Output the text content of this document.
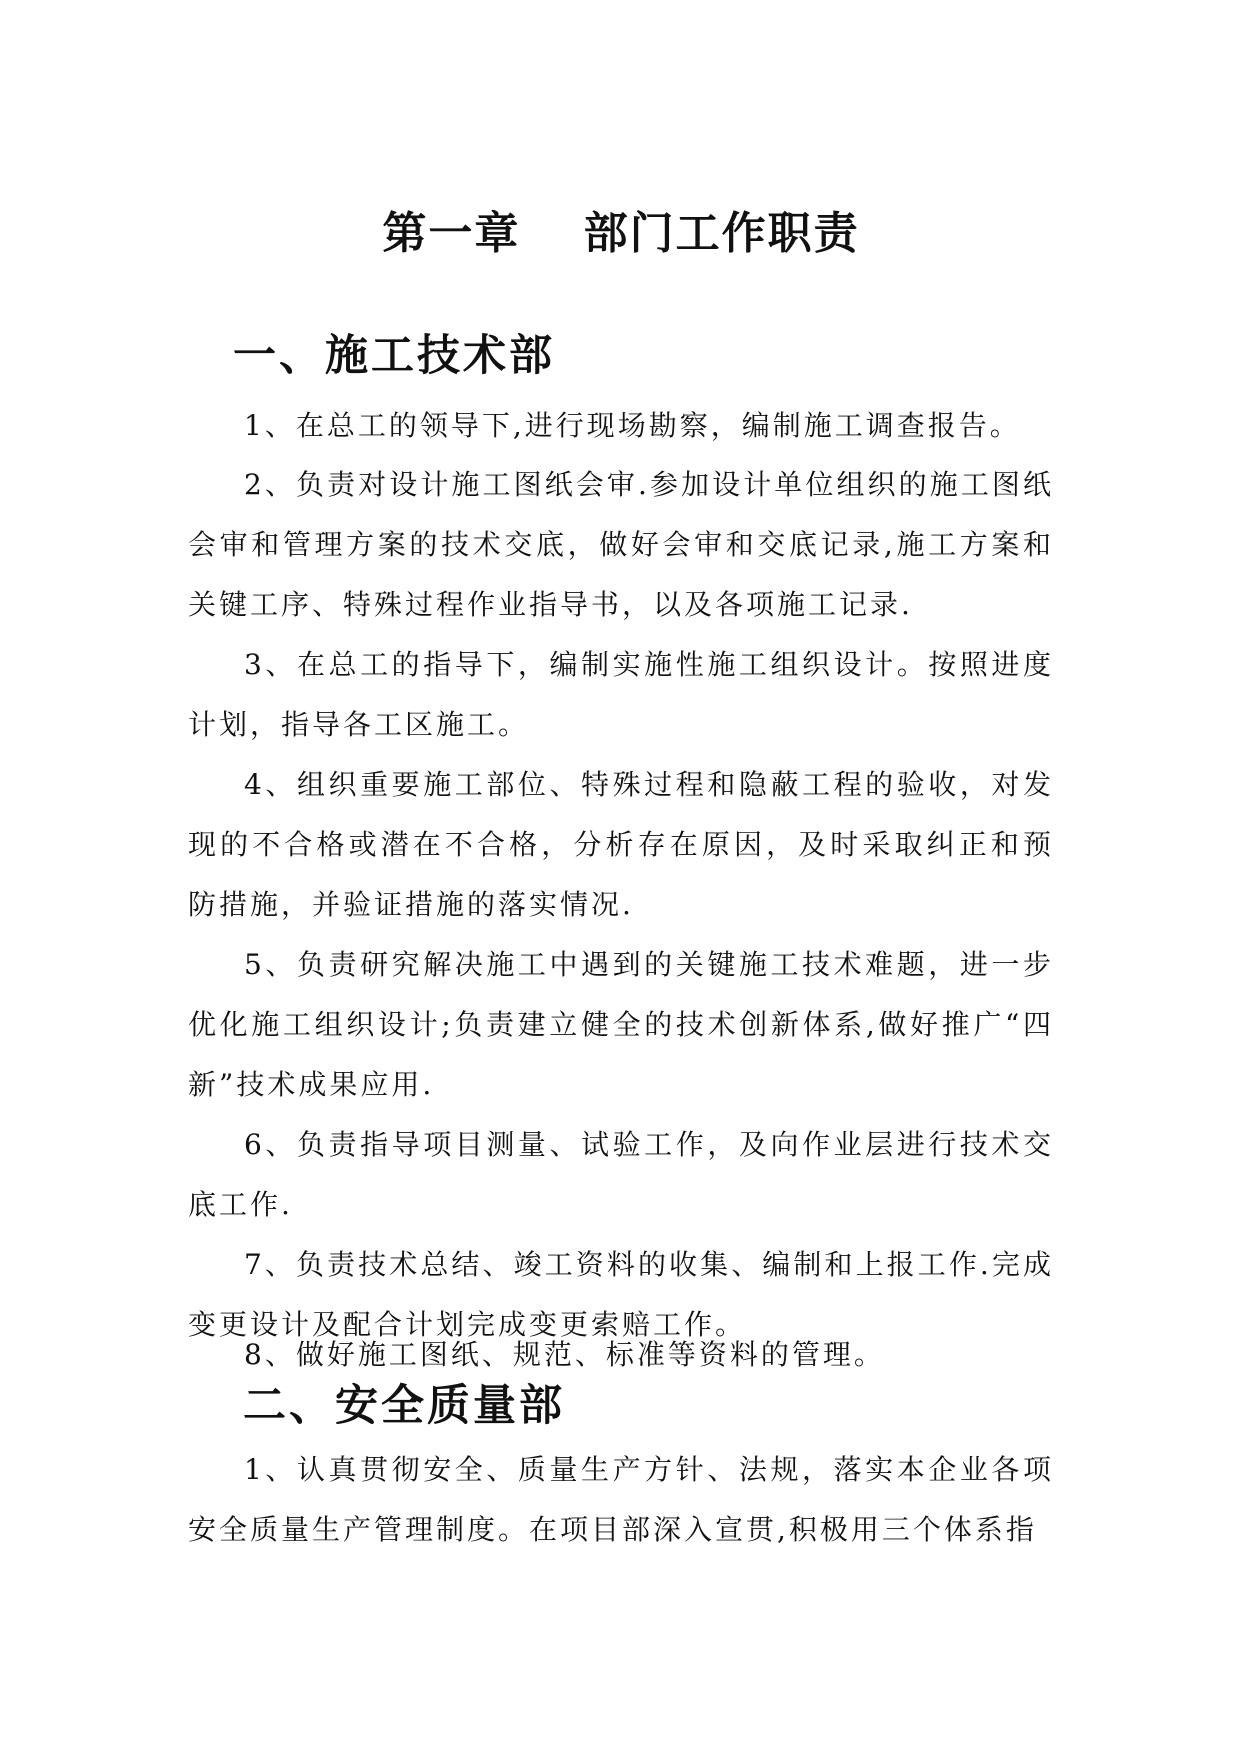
第一章　 部门工作职责
一、施工技术部

1、在总工的领导下,进行现场勘察，编制施工调查报告。

2、负责对设计施工图纸会审.参加设计单位组织的施工图纸会审和管理方案的技术交底，做好会审和交底记录,施工方案和关键工序、特殊过程作业指导书，以及各项施工记录.

3、在总工的指导下，编制实施性施工组织设计。按照进度计划，指导各工区施工。

4、组织重要施工部位、特殊过程和隐蔽工程的验收，对发现的不合格或潜在不合格，分析存在原因，及时采取纠正和预防措施，并验证措施的落实情况.

5、负责研究解决施工中遇到的关键施工技术难题，进一步优化施工组织设计;负责建立健全的技术创新体系,做好推广“四新”技术成果应用.

6、负责指导项目测量、试验工作，及向作业层进行技术交底工作.

7、负责技术总结、竣工资料的收集、编制和上报工作.完成变更设计及配合计划完成变更索赔工作。

8、做好施工图纸、规范、标准等资料的管理。

二、安全质量部

1、认真贯彻安全、质量生产方针、法规，落实本企业各项安全质量生产管理制度。在项目部深入宣贯,积极用三个体系指
